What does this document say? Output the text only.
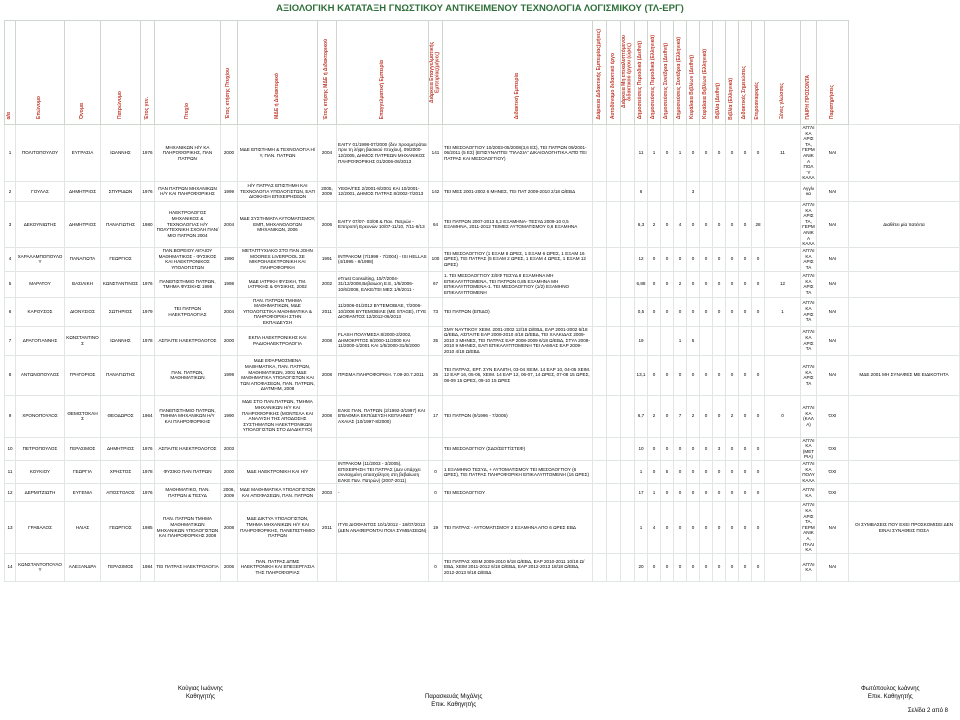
ΑΞΙΟΛΟΓΙΚΗ ΚΑΤΑΤΑΞΗ ΓΝΩΣΤΙΚΟΥ ΑΝΤΙΚΕΙΜΕΝΟΥ ΤΕΧΝΟΛΟΓΙΑ ΛΟΓΙΣΜΙΚΟΥ (ΤΛ-ΕΡΓ)
α/α	Επώνυμο	Όνομα	Πατρώνυμο	Έτος γεν.	Πτυχίο	Έτος κτήσης Πτυχίου	ΜΔΕ ή Διδακτορικό	Έτος κτήσης ΜΔΕ ή Διδακτορικού	Επαγγελματική Εμπειρία	Διάρκεια Επαγγελματικής Εμπειρίας(μήνες)	Διδακτική Εμπειρία	Διάρκεια Διδακτικής Εμπειρίας(μήνες)	Αυτοδύναμο διδακτικό έργο	Διάρκεια Μη επικαλυπτόμενου διδακτικού έργου (ώρες)	Δημοσιεύσεις Περιοδικά (Διεθνή)	Δημοσιεύσεις Περιοδικά (Ελληνικά)	Δημοσιεύσεις Συνέδρια (Διεθνή)	Δημοσιεύσεις Συνέδρια (Ελληνικά)	Κεφάλαια Βιβλίων (Διεθνή)	Κεφάλαια Βιβλίων (Ελληνικά)	Βιβλία (Διεθνή)	Βιβλία (Ελληνικά)	Διδακτικές Σημειώσεις	Ετεροαναφορές	Ξένες γλώσσες	ΠΑΙΡΗ ΠΡΟΣΟΝΤΑ	Παρατηρήσεις	
1	ΠΟΛΙΤΟΠΟΥΛΟΥ	ΕΥΓΡΑΣΙΑ	ΙΩΑΝΝΗΣ	1976	ΜΗΧΑΝΙΚΩΝ Η/Υ ΚΑ ΠΛΗΡΟΦΟΡΙΚΗΣ, ΠΑΝ ΠΑΤΡΩΝ	2000	ΜΔΕ ΕΠΙΣΤΗΜΗ & ΤΕΧΝΟΛΟΓΙΑ Η/Υ, ΠΑΝ. ΠΑΤΡΩΝ	2004	ΕΑΙΤΥ 01/1998-07/2000 (δεν προσμετράται πριν τη λήψη βασικού πτυχίου), 09/2000-12/2005, ΔΗΜΟΣ ΠΑΤΡΕΩΝ ΜΗΧΑΝΙΚΟΣ ΠΛΗΡΟΦΟΡΙΚΗΣ 01/2006-06/2013	141	ΤΕΙ ΜΕΣΟΛΟΓΓΙΟΥ 10/2003-05/2008(3,6 ΕΣ), ΤΕΙ ΠΑΤΡΩΝ 09/2001-06/2011 (5 ΕΣ) (ΕΠΙΣΥΝΑΠΤΕΙ "ΠΛΑΣΙΑ" ΔΙΚΑΙΟΛΟΓΗΤΙΚΑ ΑΠΌ ΤΕΙ ΠΑΤΡΑΣ ΚΑΙ ΜΕΣΟΛΟΓΓΙΟΥ)				11	1	0	1	0	0	0	0	0	0	11	ΑΓΓΛΙΚΑ ΑΡΙΣΤΑ, ΓΕΡΜΑΝΙΚΑ ΠΟΛΎ ΚΑΛΑ	ΝΑΙ	
2	ΓΟΥΛΑΣ	ΔΗΜΗΤΡΙΟΣ	ΣΠΥΡΙΔΩΝ	1976	ΠΑΝ ΠΑΤΡΩΝ ΜΗΧΑΝΙΚΩΝ Η/Υ ΚΑΙ ΠΛΗΡΟΦΟΡΙΚΗΣ	1999	Η/Υ ΠΑΤΡΑΣ ΕΠΙΣΤΗΜΗ ΚΑΙ ΤΕΧΝΟΛΟΓΙΑ ΥΠΟΛΟΓΙΣΤΩΝ, ΕΑΠ ΔΙΟΙΚΗΣΗ ΕΠΙΧΕΙΡΗΣΕΩΝ	2005, 2009	ΥΕΘΑ/ΓΕΣ 2/2001-8/2001 ΚΑΙ 10/2001-12/2001, ΔΗΜΟΣ ΠΑΤΡΑΣ 8/2002-7/2013	142	ΤΕΙ ΜΕΣ 2001-2002 6 ΜΗΝΕΣ, ΤΕΙ ΠΑΤ 2009-2010 2/18 Ω/ΕΒΔ				6				3							Αγγλικα	ΝΑΙ	
3	ΔΕΚΟΥΝΙΩΤΗΣ	ΔΗΜΗΤΡΙΟΣ	ΠΑΝΑΓΙΩΤΗΣ	1980	ΗΛΕΚΤΡΟΛΟΓΟΣ ΜΗΧΑΝΙΚΟΣ & ΤΕΧΝΟΛΟΓΙΑΣ Η/Υ ΠΟΛΥΤΕΧΝΙΚΗ ΣΧΟΛΗ ΠΑΝ/ΜΙΟ ΠΑΤΡΩΝ 2004	2004	ΜΔΕ ΣΥΣΤΗΜΑΤΑ ΑΥΤΟΜΑΤΙΣΜΟΥ, ΕΜΠ, ΜΗΧΑΝΟΛΟΓΩΝ ΜΗΧΑΝΙΚΩΝ, 2006	2006	ΕΑΙΤΥ 07/07- 03/08 & Παν. Πατρών - Επιτροπή Ερευνών 10/07-11/10, 7/11-6/13	64	ΤΕΙ ΠΑΤΡΩΝ 2007-2013 5,2 ΕΞΑΜΗΝΑ- ΤΕΣΥΔ 2009-10 0,5 ΕΞΑΜΗΝΑ, 2011-2012 ΤΕΙΜΕΣ ΑΥΤΟΜΑΤΙΣΜΟΥ 0,6 ΕΞΑΜΗΝΑ				6,3	2	0	4	0	0	0	0	0	28		ΑΓΓΛΙΚΑ ΑΡΙΣΤΑ, ΓΕΡΜΑΝΙΚΑ ΚΑΛΑ	ΝΑΙ	Διαθέτει μία πατέντα
4	ΧΑΡΑΛΑΜΠΟΠΟΥΛΟΥ	ΠΑΝΑΓΙΩΤΑ	ΓΕΩΡΓΙΟΣ		ΠΑΝ.ΒΟΡΕΙΟΥ ΑΙΓΑΙΟΥ ΜΑΘΗΜΑΤΙΚΟΣ - ΦΥΣΙΚΟΣ ΚΑΙ ΗΛΕΚΤΡΟΝΙΚΟΣ ΥΠΟΛΟΓΙΣΤΩΝ	1990	ΜΕΤΑΠΤΥΧΙΑΚΟ ΣΤΟ ΠΑΝ JOHN MOORES LIVERPOOL ΣΕ ΜΙΚΡΟΗΛΕΚΤΡΟΝΙΚΗ ΚΑΙ ΠΛΗΡΟΦΟΡΙΚΗ	1991	ΙΝΤΡΑΚΟΜ (7/1999 - 7/2004) - ISI HELLAS (4/1995 - 8/1998)	100	ΤΕΙ ΜΕΣΟΛΟΓΓΙΟΥ (1 ΕΞΑΜ 8 ΩΡΕΣ, 1 ΕΞΑΜ 6 ΩΡΕΣ, 1 ΕΞΑΜ 16 ΩΡΕΣ), ΤΕΙ ΠΑΤΡΑΣ (5 ΕΞΑΜ 2 ΩΡΕΣ, 1 ΕΞΑΜ 4 ΩΡΕΣ, 1 ΕΞΑΜ 12 ΩΡΕΣ)				12	0	0	0	0	0	0	0	0	0		ΑΓΓΛΙΚΑ ΑΡΙΣΤΑ	ΝΑΙ	
5	ΜΑΡΑΤΟΥ	ΒΑΣΙΛΙΚΗ	ΚΩΝΣΤΑΝΤΙΝΟΣ	1976	ΠΑΝΕΠΙΣΤΗΜΙΟ ΠΑΤΡΩΝ, ΤΜΗΜΑ ΦΥΣΙΚΗΣ 1998	1998	ΜΔΕ ΙΑΤΡΙΚΗ ΦΥΣΙΚΗ, ΤΜ. ΙΑΤΡΙΚΗΣ & ΦΥΣΙΚΗΣ, 2002	2002	eTrust Consulting, 15/7/2004-31/12/2008,Βεβαιωση Ε.Ε, 1/5/2006-10/6/2008, ΕΛΚΕ/ΤΕΙ ΜΕΣ 1/9/2011 -	67	1. ΤΕΙ ΜΕΣΟΛΟΓΓΙΟΥ Σ/ΕΦ ΤΕΣΥΔ 8 ΕΞΑΜΗΝΑ ΜΗ ΕΠΙΚΑΛΥΠΤΟΜΕΝΑ, ΤΕΙ ΠΑΤΡΩΝ 0,85 ΕΞΑΜΗΝΑ ΜΗ ΕΠΙΚΑΛΥΠΤΟΜΕΝΑ-1. ΤΕΙ ΜΕΣΟΛΟΓΓΙΟΥ (1/2) ΕΞΑΜΗΝΟ ΕΠΙΚΑΛΥΠΤΟΜΕΝΗ				6,88	0	0	2	0	0	0	0	0	0	12	ΑΓΓΛΙΚΑ ΑΡΙΣΤΑ	ΝΑΙ	
6	ΚΑΡΟΥΣΟΣ	ΔΙΟΝΥΣΙΟΣ	ΣΩΤΗΡΙΟΣ	1979	ΤΕΙ ΠΑΤΡΩΝ ΗΛΕΚΤΡΟΛΟΓΙΑΣ	2004	ΠΑΝ. ΠΑΤΡΩΝ ΤΜΗΜΑ ΜΑΘΗΜΑΤΙΚΩΝ, ΜΔΕ ΥΠΟΛΟΓΙΣΤΙΚΑ ΜΑΘΗΜΑΤΙΚΑ & ΠΛΗΡΟΦΟΡΙΚΗ ΣΤΗΝ ΕΚΠΑΙΔΕΥΣΗ	2011	11/2006-01/2012 ΒΥΤΕΜΟΒΙΛΕ, 7/2006-10/2006 ΒΥΤΕΜΟΒΙΛΕ (ΜΕ STAGE), ΙΤΥΕ ΔΙΟΦΑΝΤΟΣ 12/2012-06/2013	73	ΤΕΙ ΠΑΤΡΩΝ (ΕΠΙΔΟ)				0,5	0	0	0	0	0	0	0	0	0	1	ΑΓΓΛΙΚΑ ΑΡΙΣΤΑ	ΝΑΙ	
7	ΔΡΑΓΟΓΙΑΝΝΗΣ	ΚΩΝΣΤΑΝΤΙΝΟΣ	ΙΩΑΝΝΗΣ	1978	ΑΣΠΑΙΤΕ ΗΛΕΚΤΡΟΛΟΓΟΣ	2000	ΕΚΠΑ ΗΛΕΚΤΡΟΝΙΚΗΣ ΚΑΙ ΡΑΔΙΟΗΛΕΚΤΡΟΛΟΓΙΑ	2008	FLASH ΠΟΛΥΜΕΣΑ 8/2000-2/2002, ΔΗΜΟΚΡΙΤΟΣ 8/2000-11/2000 ΚΑΙ 11/2000-1/2001 ΚΑΙ 1/5/2000-31/5/2000	35	ΣΜΥ ΝΑΥΤΙΚΟΥ ΧΕΙΜ. 2001-2002 12/18 Ω/ΕΒΔ, ΕΑΡ 2001-2002 6/18 Ω/ΕΒΔ, ΑΣΠΑΙΤΕ ΕΑΡ 2009-2010 4/18 Ω/ΕΒΔ, ΤΕΙ ΧΑΛΚΙΔΑΣ 2009-2010 3 ΜΗΝΕΣ, ΤΕΙ ΠΑΤΡΑΣ ΕΑΡ 2008-2009 6/18 Ω/ΕΒΔ, ΣΤΥΑ 2009-2010 9 ΜΗΝΕΣ, ΕΑΠ ΕΠΙΚΑΛΥΠΤΟΜΕΝΗ ΤΕΙ ΛΑΜΙΑΣ ΕΑΡ 2009-2010 4/18 Ω/ΕΒΔ				19			1	5							ΑΓΓΛΙΚΑ ΑΡΙΣΤΑ	ΝΑΙ	
8	ΑΝΤΩΝΟΠΟΥΛΟΣ	ΓΡΗΓΟΡΙΟΣ	ΠΑΝΑΓΙΩΤΗΣ		ΠΑΝ. ΠΑΤΡΩΝ, ΜΑΘΗΜΑΤΙΚΩΝ	1999	ΜΔΕ ΕΦΑΡΜΟΣΜΕΝΑ ΜΑΘΗΜΑΤΙΚΑ, ΠΑΝ. ΠΑΤΡΩΝ, ΜΑΘΗΜΑΤΙΚΩΝ, 2001 ΜΔΕ ΜΑΘΗΜΑΤΙΚΑ ΥΠΟΛΟΓΙΣΤΩΝ ΚΑΙ ΤΩΝ ΑΠΟΦΑΣΕΩΝ, ΠΑΝ. ΠΑΤΡΩΝ, ΔΙΑΤΜΗΜ, 2008	2008	ΠΡΙΣΜΑ ΠΛΗΡΟΦΟΡΙΚΗ. 7.09-20.7.2011	25	ΤΕΙ ΠΑΤΡΑΣ, ΕΡΓ. ΣΥΝ ΕΛΛΙΠΗ, 03-04 ΧΕΙΜ. 14 ΕΑΡ 10, 04-05 ΧΕΙΜ. 12 ΕΑΡ 16, 05-06, ΧΕΙΜ. 14 ΕΑΡ 12, 06-07, 14 ΩΡΕΣ, 07-08 15 ΩΡΕΣ, 08-09 15 ΩΡΕΣ, 09-10 15 ΩΡΕΣ				13,1	0	0	0	0	0	0	0	0	0		ΑΓΓΛΙΚΑ ΑΡΙΣΤΑ	ΝΑΙ	ΜΔΕ 2001 ΜΗ ΣΥΝΑΦΕΣ ΜΕ ΕΙΔΙΚΟΤΗΤΑ
9	ΧΡΟΝΟΠΟΥΛΟΣ	ΘΕΜΙΣΤΟΚΛΗΣ	ΘΕΟΔΩΡΟΣ	1964	ΠΑΝΕΠΙΣΤΗΜΙΟ ΠΑΤΡΩΝ, ΤΜΗΜΑ ΜΗΧΑΝΙΚΩΝ Η/Υ ΚΑΙ ΠΛΗΡΟΦΟΡΙΚΗΣ	1990	ΜΔΕ ΣΤΟ ΠΑΝ.ΠΑΤΡΩΝ, ΤΜΗΜΑ ΜΗΧΑΝΙΚΩΝ Η/Υ ΚΑΙ ΠΛΗΡΟΦΟΡΙΚΗΣ (ΜΟΝΤΕΛΑ ΚΑΙ ΑΝΑΛΥΣΗ ΤΗΣ ΑΠΟΔΟΣΗΣ ΣΥΣΤΗΜΑΤΩΝ ΗΛΕΚΤΡΟΝΙΚΩΝ ΥΠΟΛΟΓΙΣΤΩΝ ΣΤΟ ΔΙΑΔΙΚΤΥΟ)	2008	ΕΛΚΕ ΠΑΝ. ΠΑΤΡΩΝ (2/1992-3/1997) ΚΑΙ Β'ΒΑΘΜΙΑ ΕΚΠ/ΔΕΥΣΗ ΚΕΠΛΗΝΕΤ ΑΧΑΙΑΣ (10/1997-8/2000)	17	ΤΕΙ ΠΑΤΡΩΝ (9/1996 - 7/2005)				6,7	2	0	7	2	0	0	2	0	0	0	ΑΓΓΛΙΚΑ (ΚΑΛΑ)	ΌΧΙ	
10	ΠΕΤΡΟΠΟΥΛΟΣ	ΓΕΡΑΣΙΜΟΣ	ΔΗΜΗΤΡΙΟΣ	1976	ΑΣΠΑΙΤΕ ΗΛΕΚΤΡΟΛΟΓΟΣ	2003					ΤΕΙ ΜΕΣΟΛΟΓΓΙΟΥ (ΣΔΟ/ΣΕΤΤ/ΣΤΕΦ)				10	0	0	0	0	0	3	0	0	0		ΑΓΓΛΙΚΑ (ΜΕΤΡΙΑ)	ΌΧΙ	
11	ΚΟΥΚΙΟΥ	ΓΕΩΡΓΙΑ	ΧΡΗΣΤΟΣ	1978	ΦΥΣΙΚΟ ΠΑΝ ΠΑΤΡΩΝ	2000	ΜΔΕ ΗΛΕΚΤΡΟΝΙΚΗ ΚΑΙ Η/Υ		ΙΝΤΡΑΚΟΜ (11/2003 - 3/2005), ΕΠΙΧΕΙΡΗΣΗ ΤΕΙ ΠΑΤΡΑΣ (Δεν υπάρχει συνταγμένη απασχόληση στη βεβαίωση ΕΛΚΕ Παν. Πατρών) (2007-2011)	0	1 ΕΞΑΜΗΝΟ ΤΕΣΥΔ, + ΑΥΤΟΜΑΤΙΣΜΟΥ ΤΕΙ ΜΕΣΟΛΟΓΓΙΟΥ (6 ΩΡΕΣ), ΤΕΙ ΠΑΤΡΑΣ ΠΛΗΡΟΦΟΡΙΚΗ ΕΠΙΚΑΛΥΠΤΟΜΕΝΗ (16 ΩΡΕΣ)				1	0	5	0	0	0	0	0	0	0		ΑΓΓΛΙΚΑ ΠΟΛΥ ΚΑΛΑ	ΌΧΙ	
12	ΔΕΡΜΙΤΖΙΩΤΗ	ΕΥΓΕΝΙΑ	ΑΠΟΣΤΟΛΟΣ	1976	ΜΑΘΗΜΑΤΙΚΟ, ΠΑΝ. ΠΑΤΡΩΝ & ΤΕΣΥΔ	2006, 2009	ΜΔΕ ΜΑΘΗΜΑΤΙΚΑ ΥΠΟΛΟΓΙΣΤΩΝ ΚΑΙ ΑΠΟΦΑΣΕΩΝ, ΠΑΝ. ΠΑΤΡΩΝ	2003	-	0	ΤΕΙ ΜΕΣΟΛΟΓΓΙΟΥ				17	1	0	0	0	0	0	0	0	0		ΑΓΓΛΙΚΑ	ΌΧΙ	
13	ΓΡΑΒΑΛΟΣ	ΗΛΙΑΣ	ΓΕΩΡΓΙΟΣ	1985	ΠΑΝ. ΠΑΤΡΩΝ ΤΜΗΜΑ ΜΑΘΗΜΑΤΙΚΩΝ ΜΗΧΑΝΙΚΩΝ ΥΠΟΛΟΓΙΣΤΩΝ ΚΑΙ ΠΛΗΡΟΦΟΡΙΚΗΣ 2008	2008	ΜΔΕ ΔΙΚΤΥΑ ΥΠΟΛΟΓΙΣΤΩΝ, ΤΜΗΜΑ ΜΗΧΑΝΙΚΩΝ Η/Υ ΚΑΙ ΠΛΗΡΟΦΟΡΙΚΗΣ, ΠΑΝΕΠΙΣΤΗΜΙΟ ΠΑΤΡΩΝ	2011	ΙΤΥΕ ΔΙΟΦΑΝΤΟΣ 10/1/2012 - 18/07/2013 (ΔΕΝ ΑΝΑΦΕΡΟΝΤΑΙ ΠΟΙΑ ΣΥΜΒΑΣΕΩΝ)	19	ΤΕΙ ΠΑΤΡΑΣ - ΑΥΤΟΜΑΤΙΣΜΟΥ 2 ΕΞΑΜΗΝΑ ΑΠΟ 6 ΩΡΕΣ ΕΒΔ				1	4	0	0	0	0	0	0	0	0		ΑΓΓΛΙΚΑ ΑΡΙΣΤΑ, ΓΕΡΜΑΝΙΚΑ, ΙΤΑΛΙΚΑ	ΝΑΙ	ΟΙ ΣΥΜΒΑΣΕΙΣ ΠΟΥ ΕΧΕΙ ΠΡΟΣΚΟΜΙΣΕΙ ΔΕΝ ΕΙΝΑΙ ΣΥΝΑΦΕΙΣ ΠΟΣΑ
14	ΚΩΝΣΤΑΝΤΟΠΟΥΛΟΥ	ΑΛΕΞΑΝΔΡΑ	ΓΕΡΑΣΙΜΟΣ	1984	ΤΕΙ ΠΑΤΡΑΣ ΗΛΕΚΤΡΟΛΟΓΙΑ	2006	ΠΑΝ. ΠΑΤΡΑΣ ΔΠΜΣ ΗΛΕΚΤΡΟΝΙΚΗ ΚΑΙ ΕΠΕΞΕΡΓΑΣΙΑ ΤΗΣ ΠΛΗΡΟΦΟΡΙΑΣ			0	ΤΕΙ ΠΑΤΡΑΣ ΧΕΙΜ 2009-2010 9/18 Ω/ΕΒΔ, ΕΑΡ 2010-2011 10/18 Ω/ΕΒΔ, ΧΕΙΜ 2011-2012 6/18 Ω/ΕΒΔ, ΕΑΡ 2012-2013 18/18 Ω/ΕΒΔ, 2012-2013 9/18 Ω/ΕΒΔ				20	0	0	0	0	0	0	0	0	0		ΑΓΓΛΙΚΑ	ΝΑΙ	
Κούγιας Ιωάννης
Καθηγητής	Παρασκευάς Μιχάλης
Επικ. Καθηγητής
Φωτόπουλος Ιωάννης
Επικ. Καθηγητής
Σελίδα 2 από 8
